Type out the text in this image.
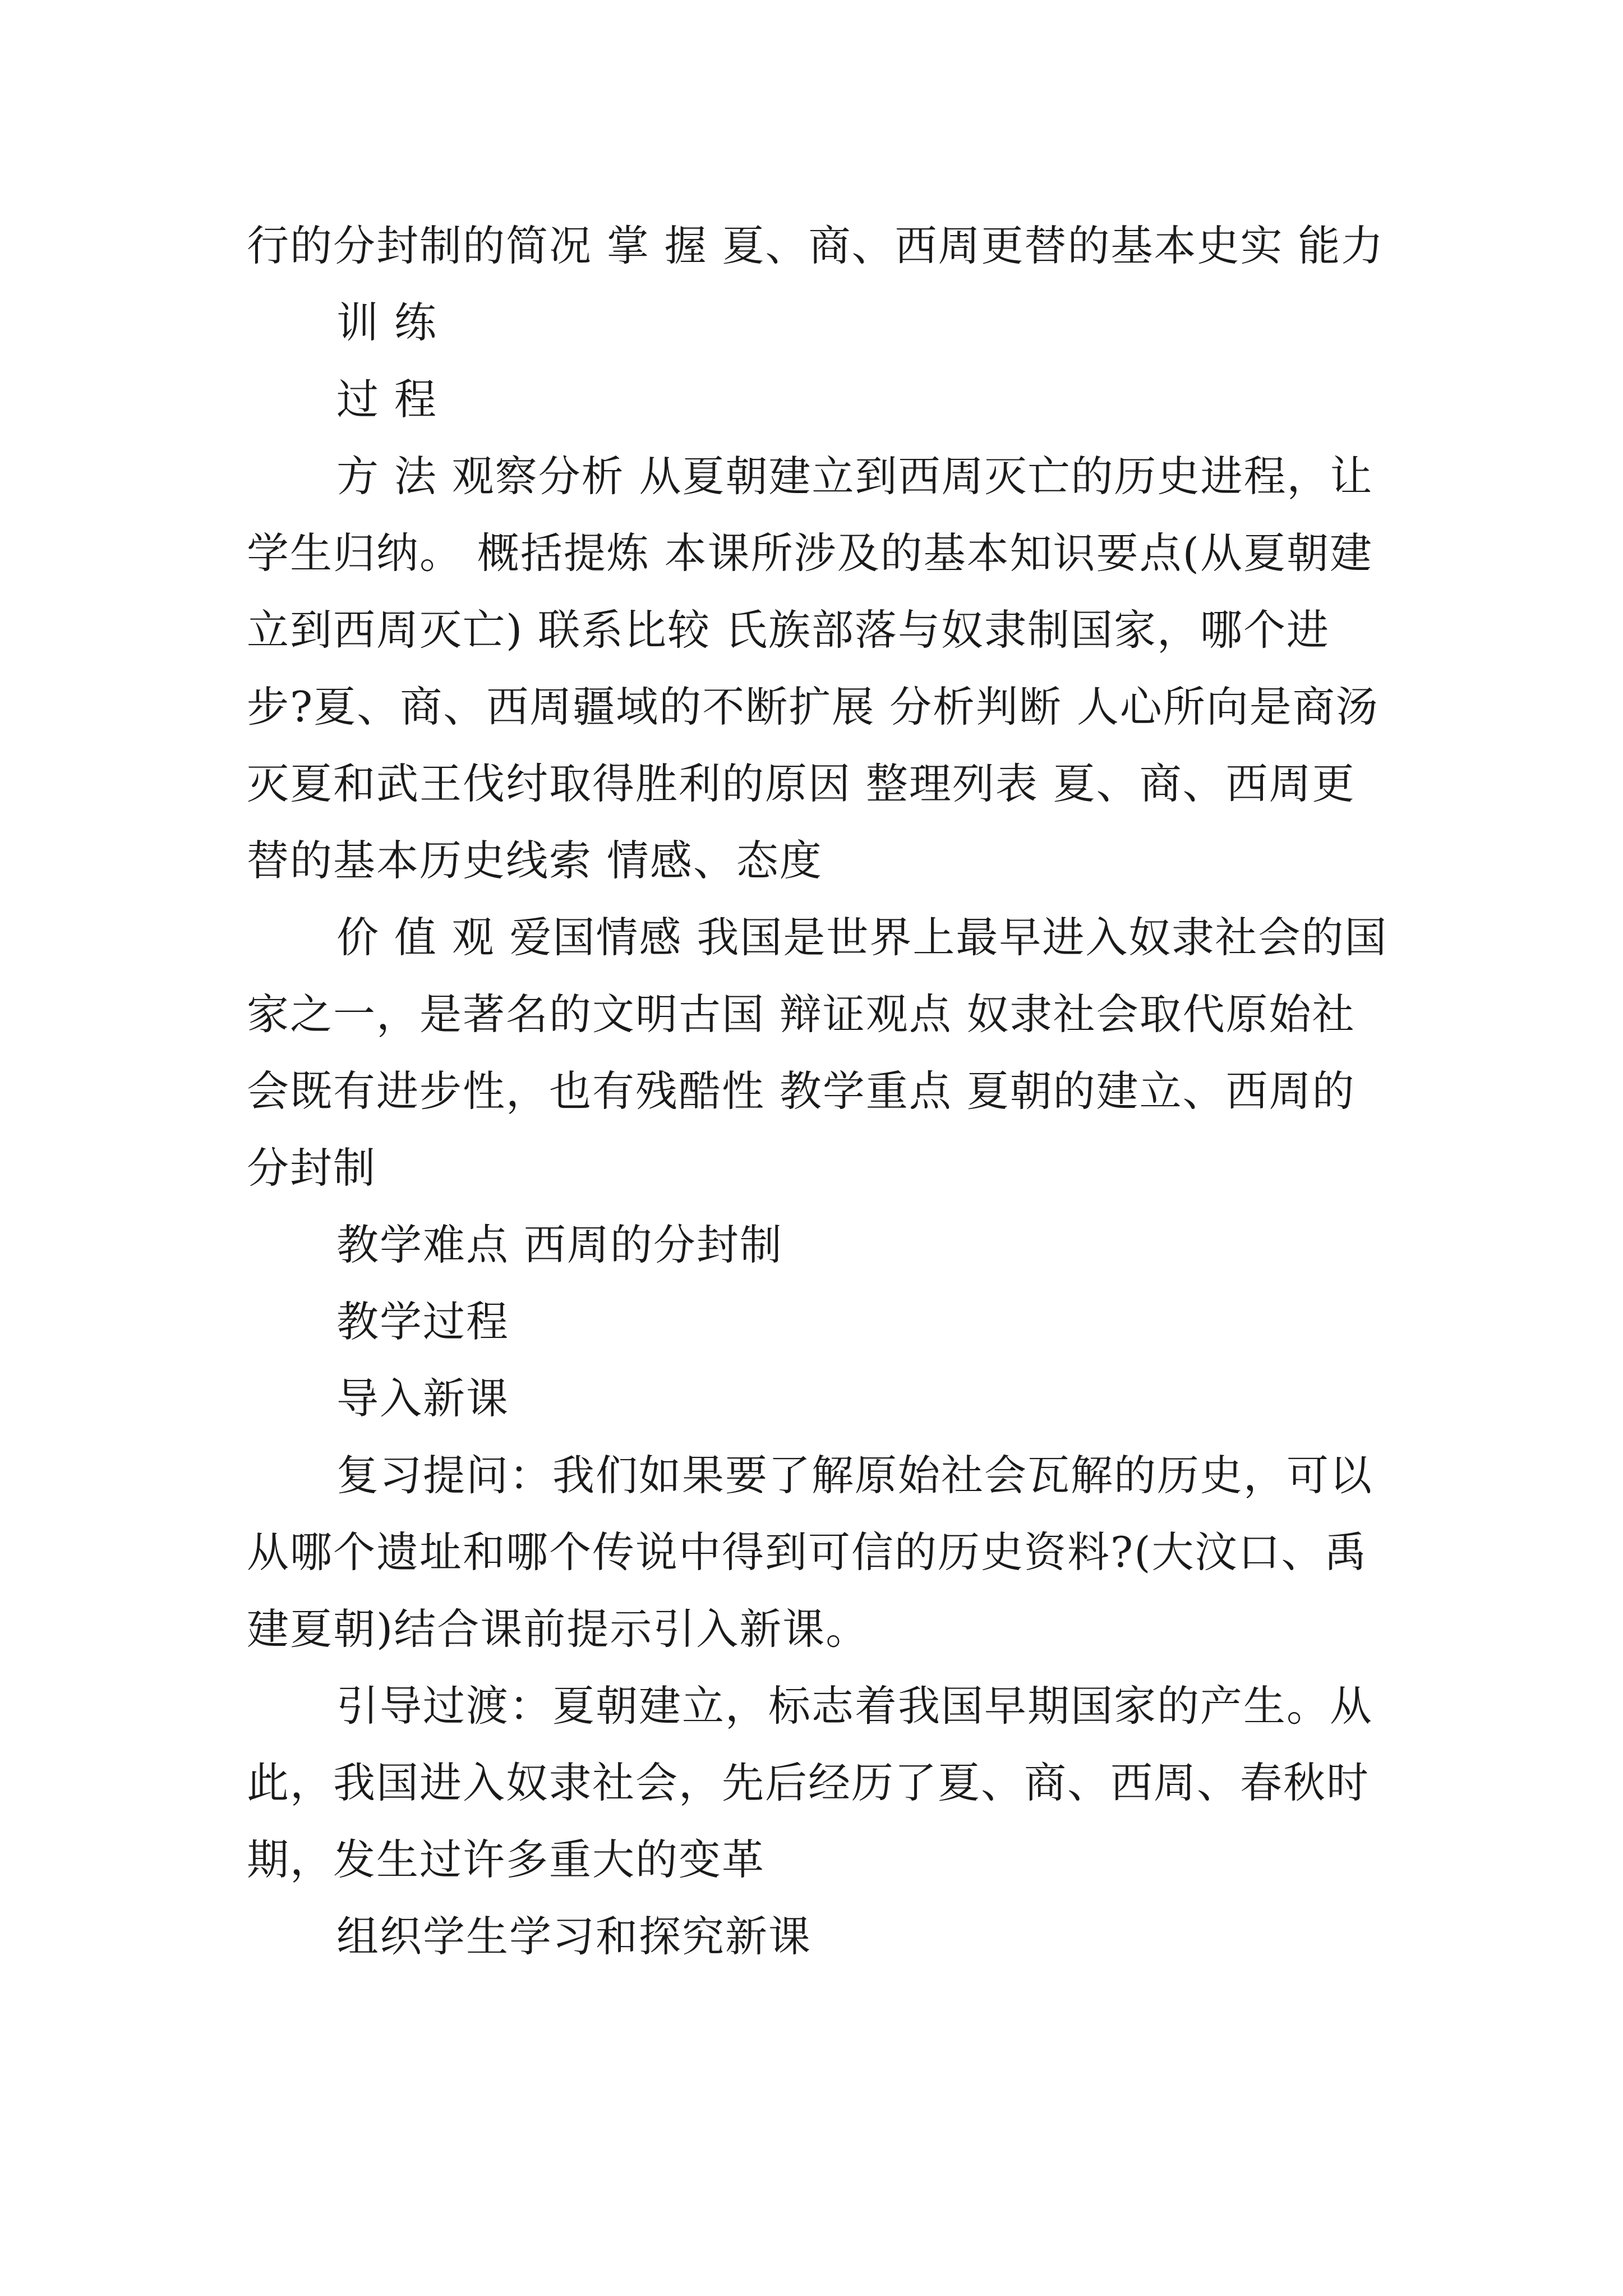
行的分封制的简况 掌 握 夏、商、西周更替的基本史实 能力

训 练

过 程

方 法 观察分析 从夏朝建立到西周灭亡的历史进程，让学生归纳。 概括提炼 本课所涉及的基本知识要点(从夏朝建立到西周灭亡) 联系比较 氏族部落与奴隶制国家，哪个进步?夏、商、西周疆域的不断扩展 分析判断 人心所向是商汤灭夏和武王伐纣取得胜利的原因 整理列表 夏、商、西周更替的基本历史线索 情感、态度

价 值 观 爱国情感 我国是世界上最早进入奴隶社会的国家之一，是著名的文明古国 辩证观点 奴隶社会取代原始社会既有进步性，也有残酷性 教学重点 夏朝的建立、西周的分封制

教学难点 西周的分封制

教学过程

导入新课

复习提问：我们如果要了解原始社会瓦解的历史，可以从哪个遗址和哪个传说中得到可信的历史资料?(大汶口、禹建夏朝)结合课前提示引入新课。

引导过渡：夏朝建立，标志着我国早期国家的产生。从此，我国进入奴隶社会，先后经历了夏、商、西周、春秋时期，发生过许多重大的变革

组织学生学习和探究新课
